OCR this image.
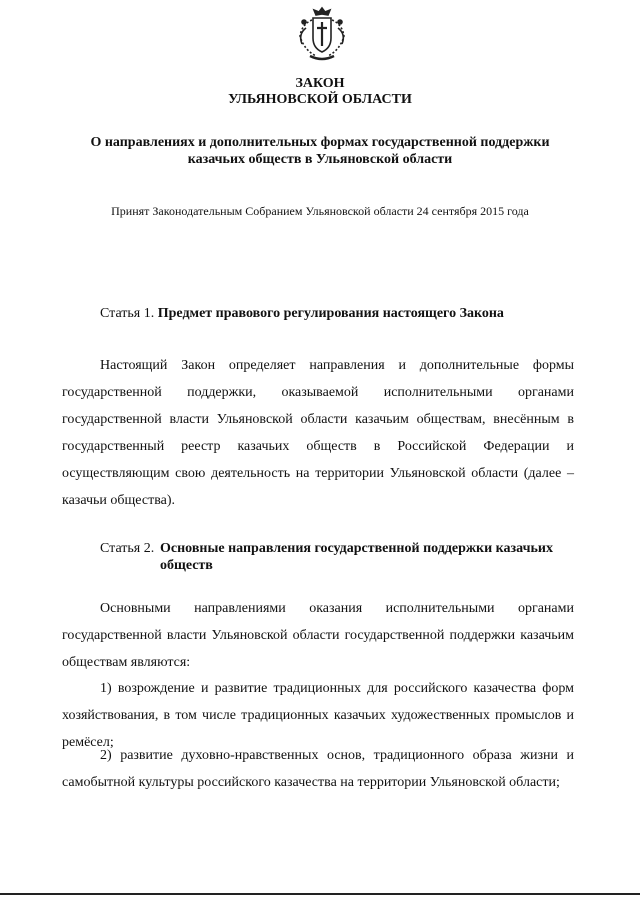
ЗАКОН
УЛЬЯНОВСКОЙ ОБЛАСТИ
О направлениях и дополнительных формах государственной поддержки
казачьих обществ в Ульяновской области
Принят Законодательным Собранием Ульяновской области 24 сентября 2015 года
Статья 1. Предмет правового регулирования настоящего Закона
Настоящий Закон определяет направления и дополнительные формы государственной поддержки, оказываемой исполнительными органами государственной власти Ульяновской области казачьим обществам, внесённым в государственный реестр казачьих обществ в Российской Федерации и осуществляющим свою деятельность на территории Ульяновской области (далее – казачьи общества).
Статья 2. Основные направления государственной поддержки казачьих
обществ
Основными направлениями оказания исполнительными органами государственной власти Ульяновской области государственной поддержки казачьим обществам являются:
1) возрождение и развитие традиционных для российского казачества форм хозяйствования, в том числе традиционных казачьих художественных промыслов и ремёсел;
2) развитие духовно-нравственных основ, традиционного образа жизни и самобытной культуры российского казачества на территории Ульяновской области;
